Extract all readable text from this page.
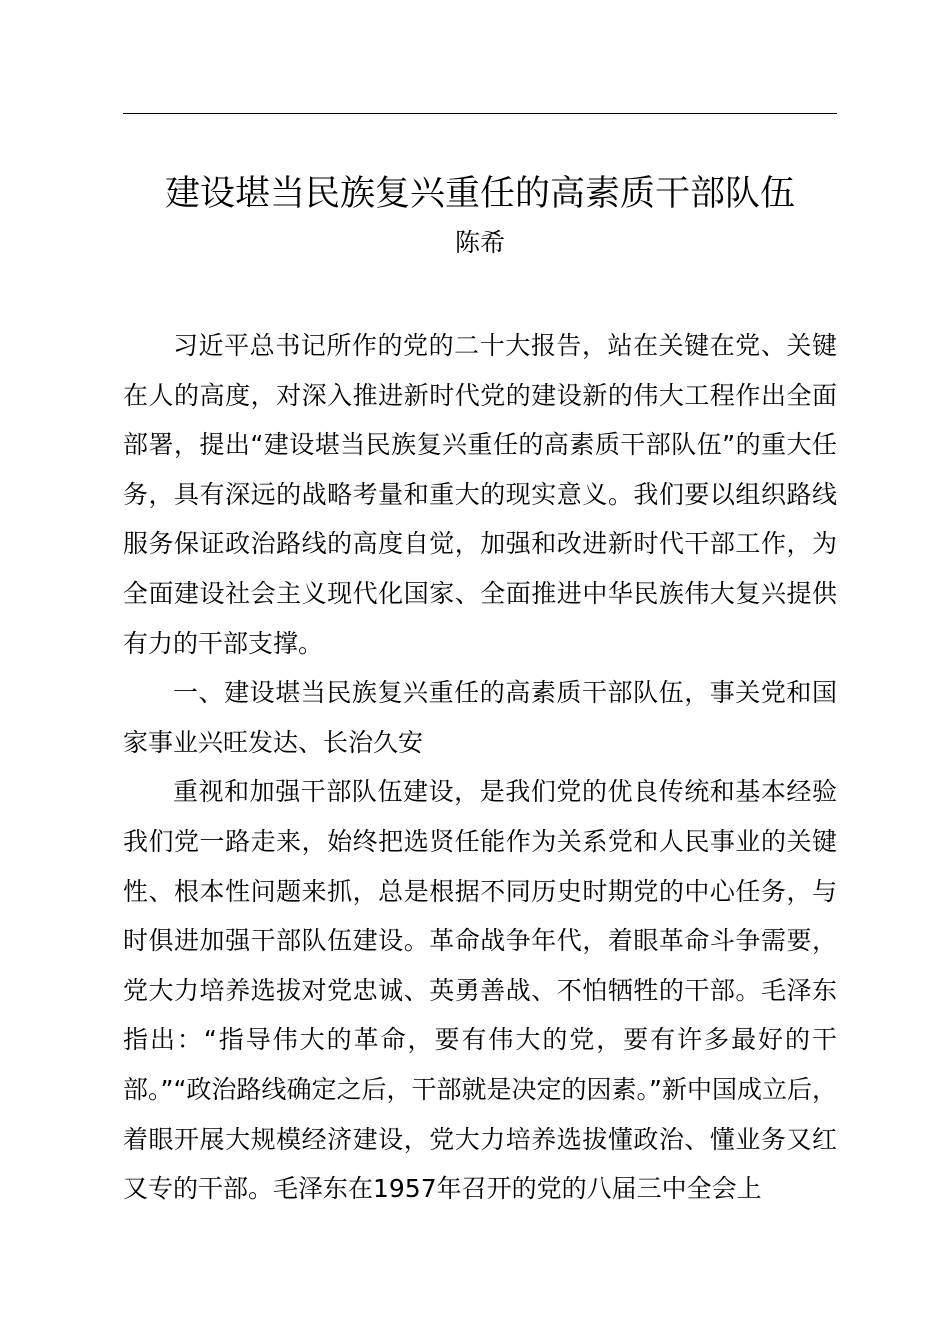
建设堪当民族复兴重任的高素质干部队伍
陈希

习近平总书记所作的党的二十大报告，站在关键在党、关键在人的高度，对深入推进新时代党的建设新的伟大工程作出全面部署，提出“建设堪当民族复兴重任的高素质干部队伍”的重大任务，具有深远的战略考量和重大的现实意义。我们要以组织路线服务保证政治路线的高度自觉，加强和改进新时代干部工作，为全面建设社会主义现代化国家、全面推进中华民族伟大复兴提供有力的干部支撑。

一、建设堪当民族复兴重任的高素质干部队伍，事关党和国家事业兴旺发达、长治久安

重视和加强干部队伍建设，是我们党的优良传统和基本经验我们党一路走来，始终把选贤任能作为关系党和人民事业的关键性、根本性问题来抓，总是根据不同历史时期党的中心任务，与时俱进加强干部队伍建设。革命战争年代，着眼革命斗争需要，党大力培养选拔对党忠诚、英勇善战、不怕牺牲的干部。毛泽东指出：“指导伟大的革命，要有伟大的党，要有许多最好的干部。”“政治路线确定之后，干部就是决定的因素。”新中国成立后，着眼开展大规模经济建设，党大力培养选拔懂政治、懂业务又红又专的干部。毛泽东在1957年召开的党的八届三中全会上
